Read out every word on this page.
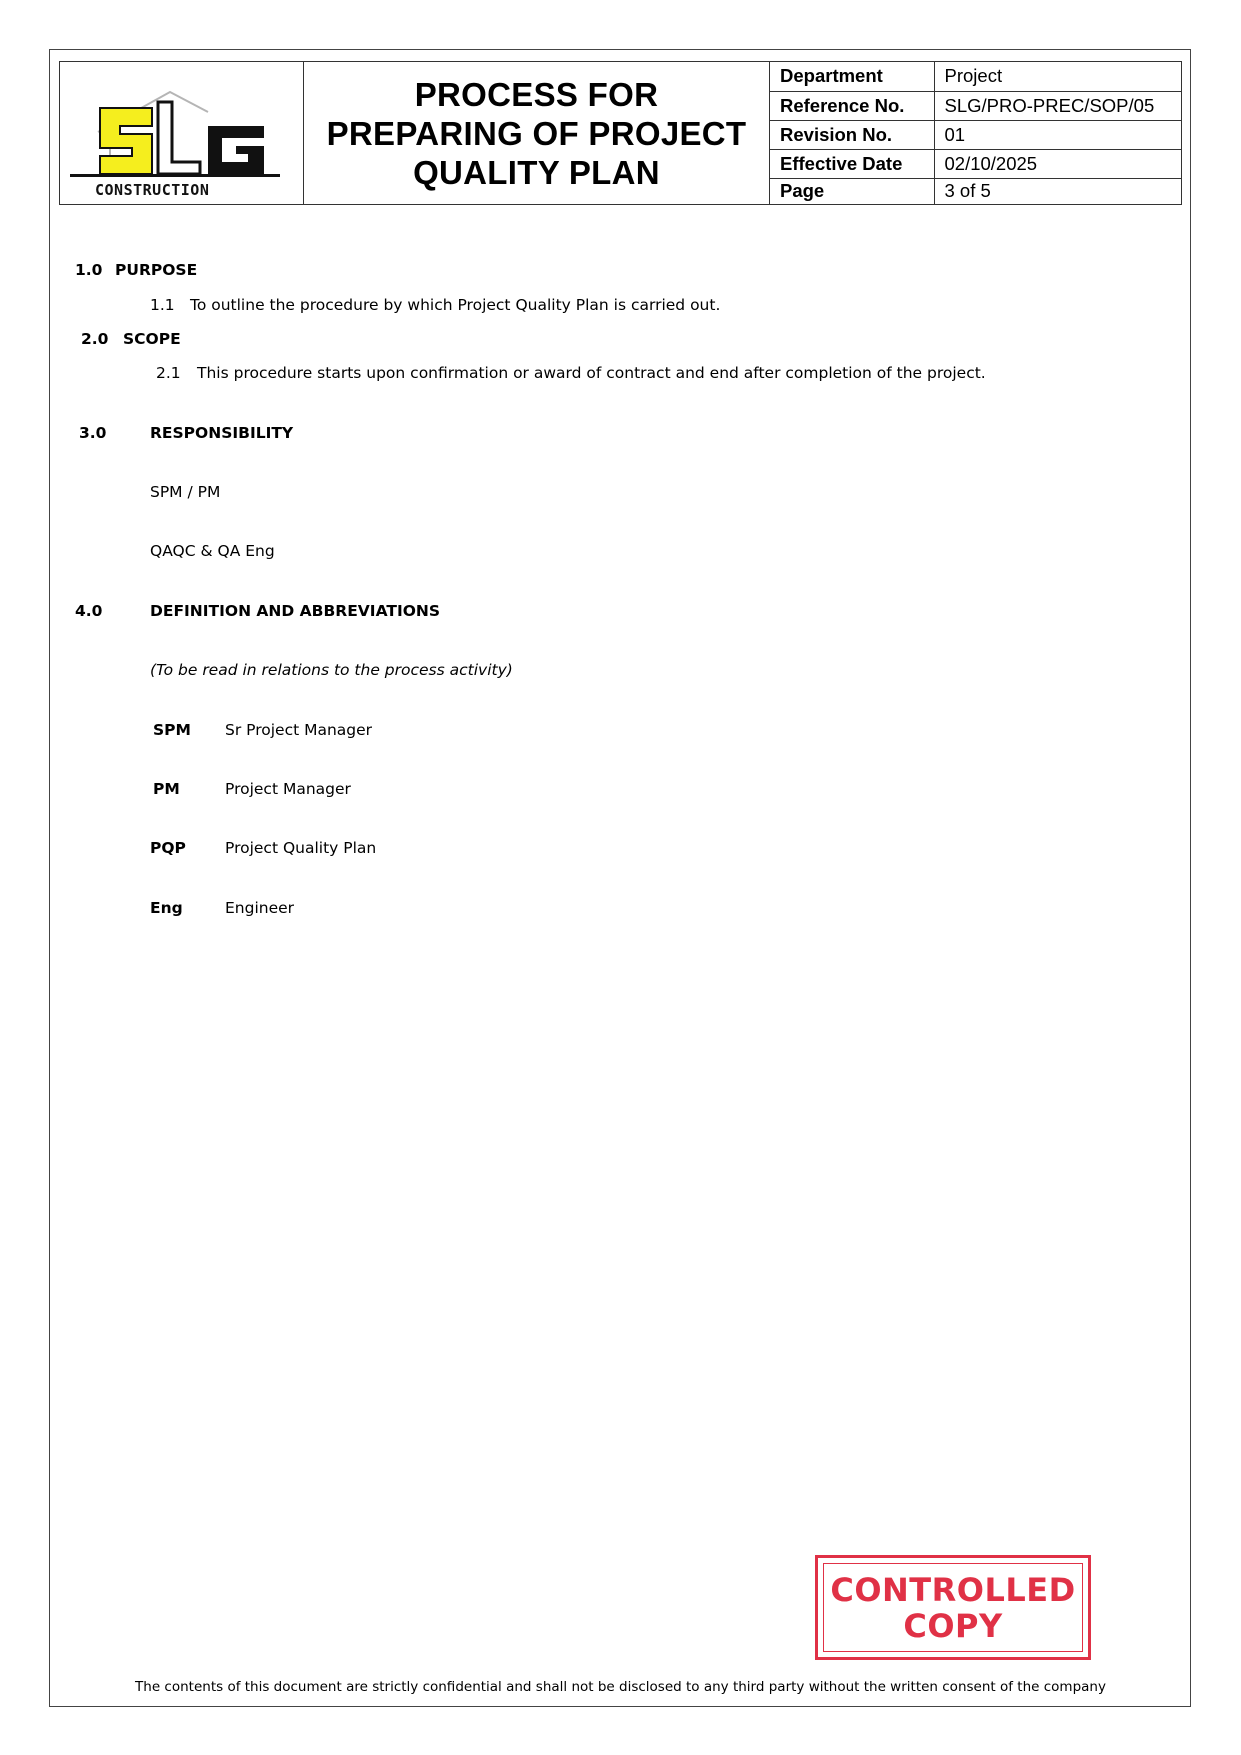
CONSTRUCTION
PROCESS FOR
PREPARING OF PROJECT
QUALITY PLAN
Department	Project
Reference No.	SLG/PRO-PREC/SOP/05
Revision No.	01
Effective Date	02/10/2025
Page	3 of 5
1.0 PURPOSE
1.1 To outline the procedure by which Project Quality Plan is carried out.
2.0 SCOPE
2.1 This procedure starts upon confirmation or award of contract and end after completion of the project.
3.0	RESPONSIBILITY
SPM / PM
QAQC & QA Eng
4.0	DEFINITION AND ABBREVIATIONS
(To be read in relations to the process activity)
SPM Sr Project Manager
PM	Project Manager
PQP	Project Quality Plan
Eng	Engineer
CONTROLLED
COPY
The contents of this document are strictly confidential and shall not be disclosed to any third party without the written consent of the company
